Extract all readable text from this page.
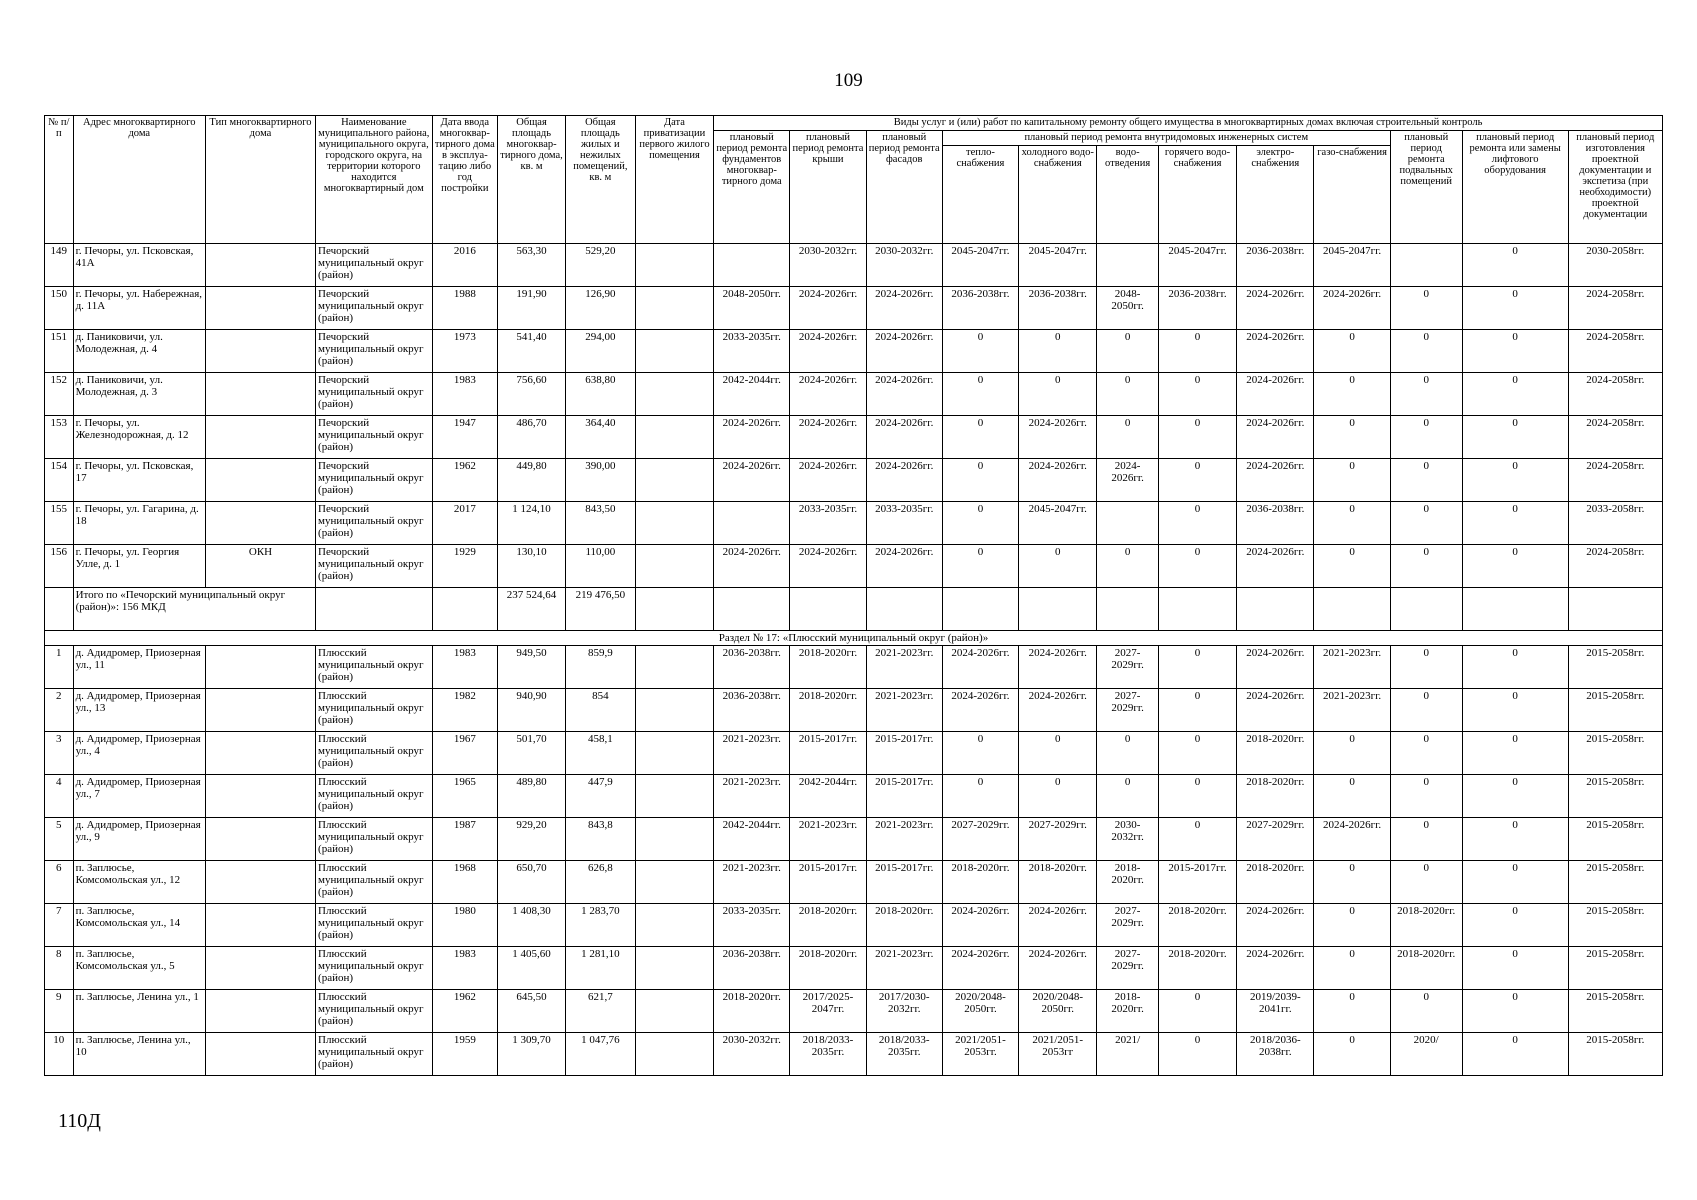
109
№ п/п	Адрес многоквартирного дома	Тип многоквартирного дома	Наименование муниципального района, муниципального округа, городского округа, на территории которого находится многоквартирный дом	Дата ввода многоквар-тирного дома в эксплуа-тацию либо год постройки	Общая площадь многоквар-тирного дома, кв. м	Общая площадь жилых и нежилых помещений, кв. м	Дата приватизации первого жилого помещения	Виды услуг и (или) работ по капитальному ремонту общего имущества в многоквартирных домах включая строительный контроль											
								плановый период ремонта фундаментов многоквар-тирного дома	плановый период ремонта крыши	плановый период ремонта фасадов	плановый период ремонта внутридомовых инженерных систем						плановый период ремонта подвальных помещений	плановый период ремонта или замены лифтового оборудования	плановый период изготовления проектной документации и экспетиза (при необходимости) проектной документации
											тепло-снабжения	холодного водо-снабжения	водо-отведения	горячего водо-снабжения	электро-снабжения	газо-снабжения			
149	г. Печоры, ул. Псковская, 41А		Печорский муниципальный округ (район)	2016	563,30	529,20			2030-2032гг.	2030-2032гг.	2045-2047гг.	2045-2047гг.		2045-2047гг.	2036-2038гг.	2045-2047гг.		0	2030-2058гг.
150	г. Печоры, ул. Набережная, д. 11А		Печорский муниципальный округ (район)	1988	191,90	126,90		2048-2050гг.	2024-2026гг.	2024-2026гг.	2036-2038гг.	2036-2038гг.	2048-2050гг.	2036-2038гг.	2024-2026гг.	2024-2026гг.	0	0	2024-2058гг.
151	д. Паниковичи, ул. Молодежная, д. 4		Печорский муниципальный округ (район)	1973	541,40	294,00		2033-2035гг.	2024-2026гг.	2024-2026гг.	0	0	0	0	2024-2026гг.	0	0	0	2024-2058гг.
152	д. Паниковичи, ул. Молодежная, д. 3		Печорский муниципальный округ (район)	1983	756,60	638,80		2042-2044гг.	2024-2026гг.	2024-2026гг.	0	0	0	0	2024-2026гг.	0	0	0	2024-2058гг.
153	г. Печоры, ул. Железнодорожная, д. 12		Печорский муниципальный округ (район)	1947	486,70	364,40		2024-2026гг.	2024-2026гг.	2024-2026гг.	0	2024-2026гг.	0	0	2024-2026гг.	0	0	0	2024-2058гг.
154	г. Печоры, ул. Псковская, 17		Печорский муниципальный округ (район)	1962	449,80	390,00		2024-2026гг.	2024-2026гг.	2024-2026гг.	0	2024-2026гг.	2024-2026гг.	0	2024-2026гг.	0	0	0	2024-2058гг.
155	г. Печоры, ул. Гагарина, д. 18		Печорский муниципальный округ (район)	2017	1 124,10	843,50			2033-2035гг.	2033-2035гг.	0	2045-2047гг.		0	2036-2038гг.	0	0	0	2033-2058гг.
156	г. Печоры, ул. Георгия Улле, д. 1	ОКН	Печорский муниципальный округ (район)	1929	130,10	110,00		2024-2026гг.	2024-2026гг.	2024-2026гг.	0	0	0	0	2024-2026гг.	0	0	0	2024-2058гг.
	Итого по «Печорский муниципальный округ (район)»: 156 МКД				237 524,64	219 476,50													
Раздел № 17: «Плюсский муниципальный округ (район)»																			
1	д. Адидромер, Приозерная ул., 11		Плюсский муниципальный округ (район)	1983	949,50	859,9		2036-2038гг.	2018-2020гг.	2021-2023гг.	2024-2026гг.	2024-2026гг.	2027-2029гг.	0	2024-2026гг.	2021-2023гг.	0	0	2015-2058гг.
2	д. Адидромер, Приозерная ул., 13		Плюсский муниципальный округ (район)	1982	940,90	854		2036-2038гг.	2018-2020гг.	2021-2023гг.	2024-2026гг.	2024-2026гг.	2027-2029гг.	0	2024-2026гг.	2021-2023гг.	0	0	2015-2058гг.
3	д. Адидромер, Приозерная ул., 4		Плюсский муниципальный округ (район)	1967	501,70	458,1		2021-2023гг.	2015-2017гг.	2015-2017гг.	0	0	0	0	2018-2020гг.	0	0	0	2015-2058гг.
4	д. Адидромер, Приозерная ул., 7		Плюсский муниципальный округ (район)	1965	489,80	447,9		2021-2023гг.	2042-2044гг.	2015-2017гг.	0	0	0	0	2018-2020гг.	0	0	0	2015-2058гг.
5	д. Адидромер, Приозерная ул., 9		Плюсский муниципальный округ (район)	1987	929,20	843,8		2042-2044гг.	2021-2023гг.	2021-2023гг.	2027-2029гг.	2027-2029гг.	2030-2032гг.	0	2027-2029гг.	2024-2026гг.	0	0	2015-2058гг.
6	п. Заплюсье, Комсомольская ул., 12		Плюсский муниципальный округ (район)	1968	650,70	626,8		2021-2023гг.	2015-2017гг.	2015-2017гг.	2018-2020гг.	2018-2020гг.	2018-2020гг.	2015-2017гг.	2018-2020гг.	0	0	0	2015-2058гг.
7	п. Заплюсье, Комсомольская ул., 14		Плюсский муниципальный округ (район)	1980	1 408,30	1 283,70		2033-2035гг.	2018-2020гг.	2018-2020гг.	2024-2026гг.	2024-2026гг.	2027-2029гг.	2018-2020гг.	2024-2026гг.	0	2018-2020гг.	0	2015-2058гг.
8	п. Заплюсье, Комсомольская ул., 5		Плюсский муниципальный округ (район)	1983	1 405,60	1 281,10		2036-2038гг.	2018-2020гг.	2021-2023гг.	2024-2026гг.	2024-2026гг.	2027-2029гг.	2018-2020гг.	2024-2026гг.	0	2018-2020гг.	0	2015-2058гг.
9	п. Заплюсье, Ленина ул., 1		Плюсский муниципальный округ (район)	1962	645,50	621,7		2018-2020гг.	2017/2025-2047гг.	2017/2030-2032гг.	2020/2048-2050гг.	2020/2048-2050гг.	2018-2020гг.	0	2019/2039-2041гг.	0	0	0	2015-2058гг.
10	п. Заплюсье, Ленина ул., 10		Плюсский муниципальный округ (район)	1959	1 309,70	1 047,76		2030-2032гг.	2018/2033-2035гг.	2018/2033-2035гг.	2021/2051-2053гг.	2021/2051-2053гг	2021/	0	2018/2036-2038гг.	0	2020/	0	2015-2058гг.
110Д
